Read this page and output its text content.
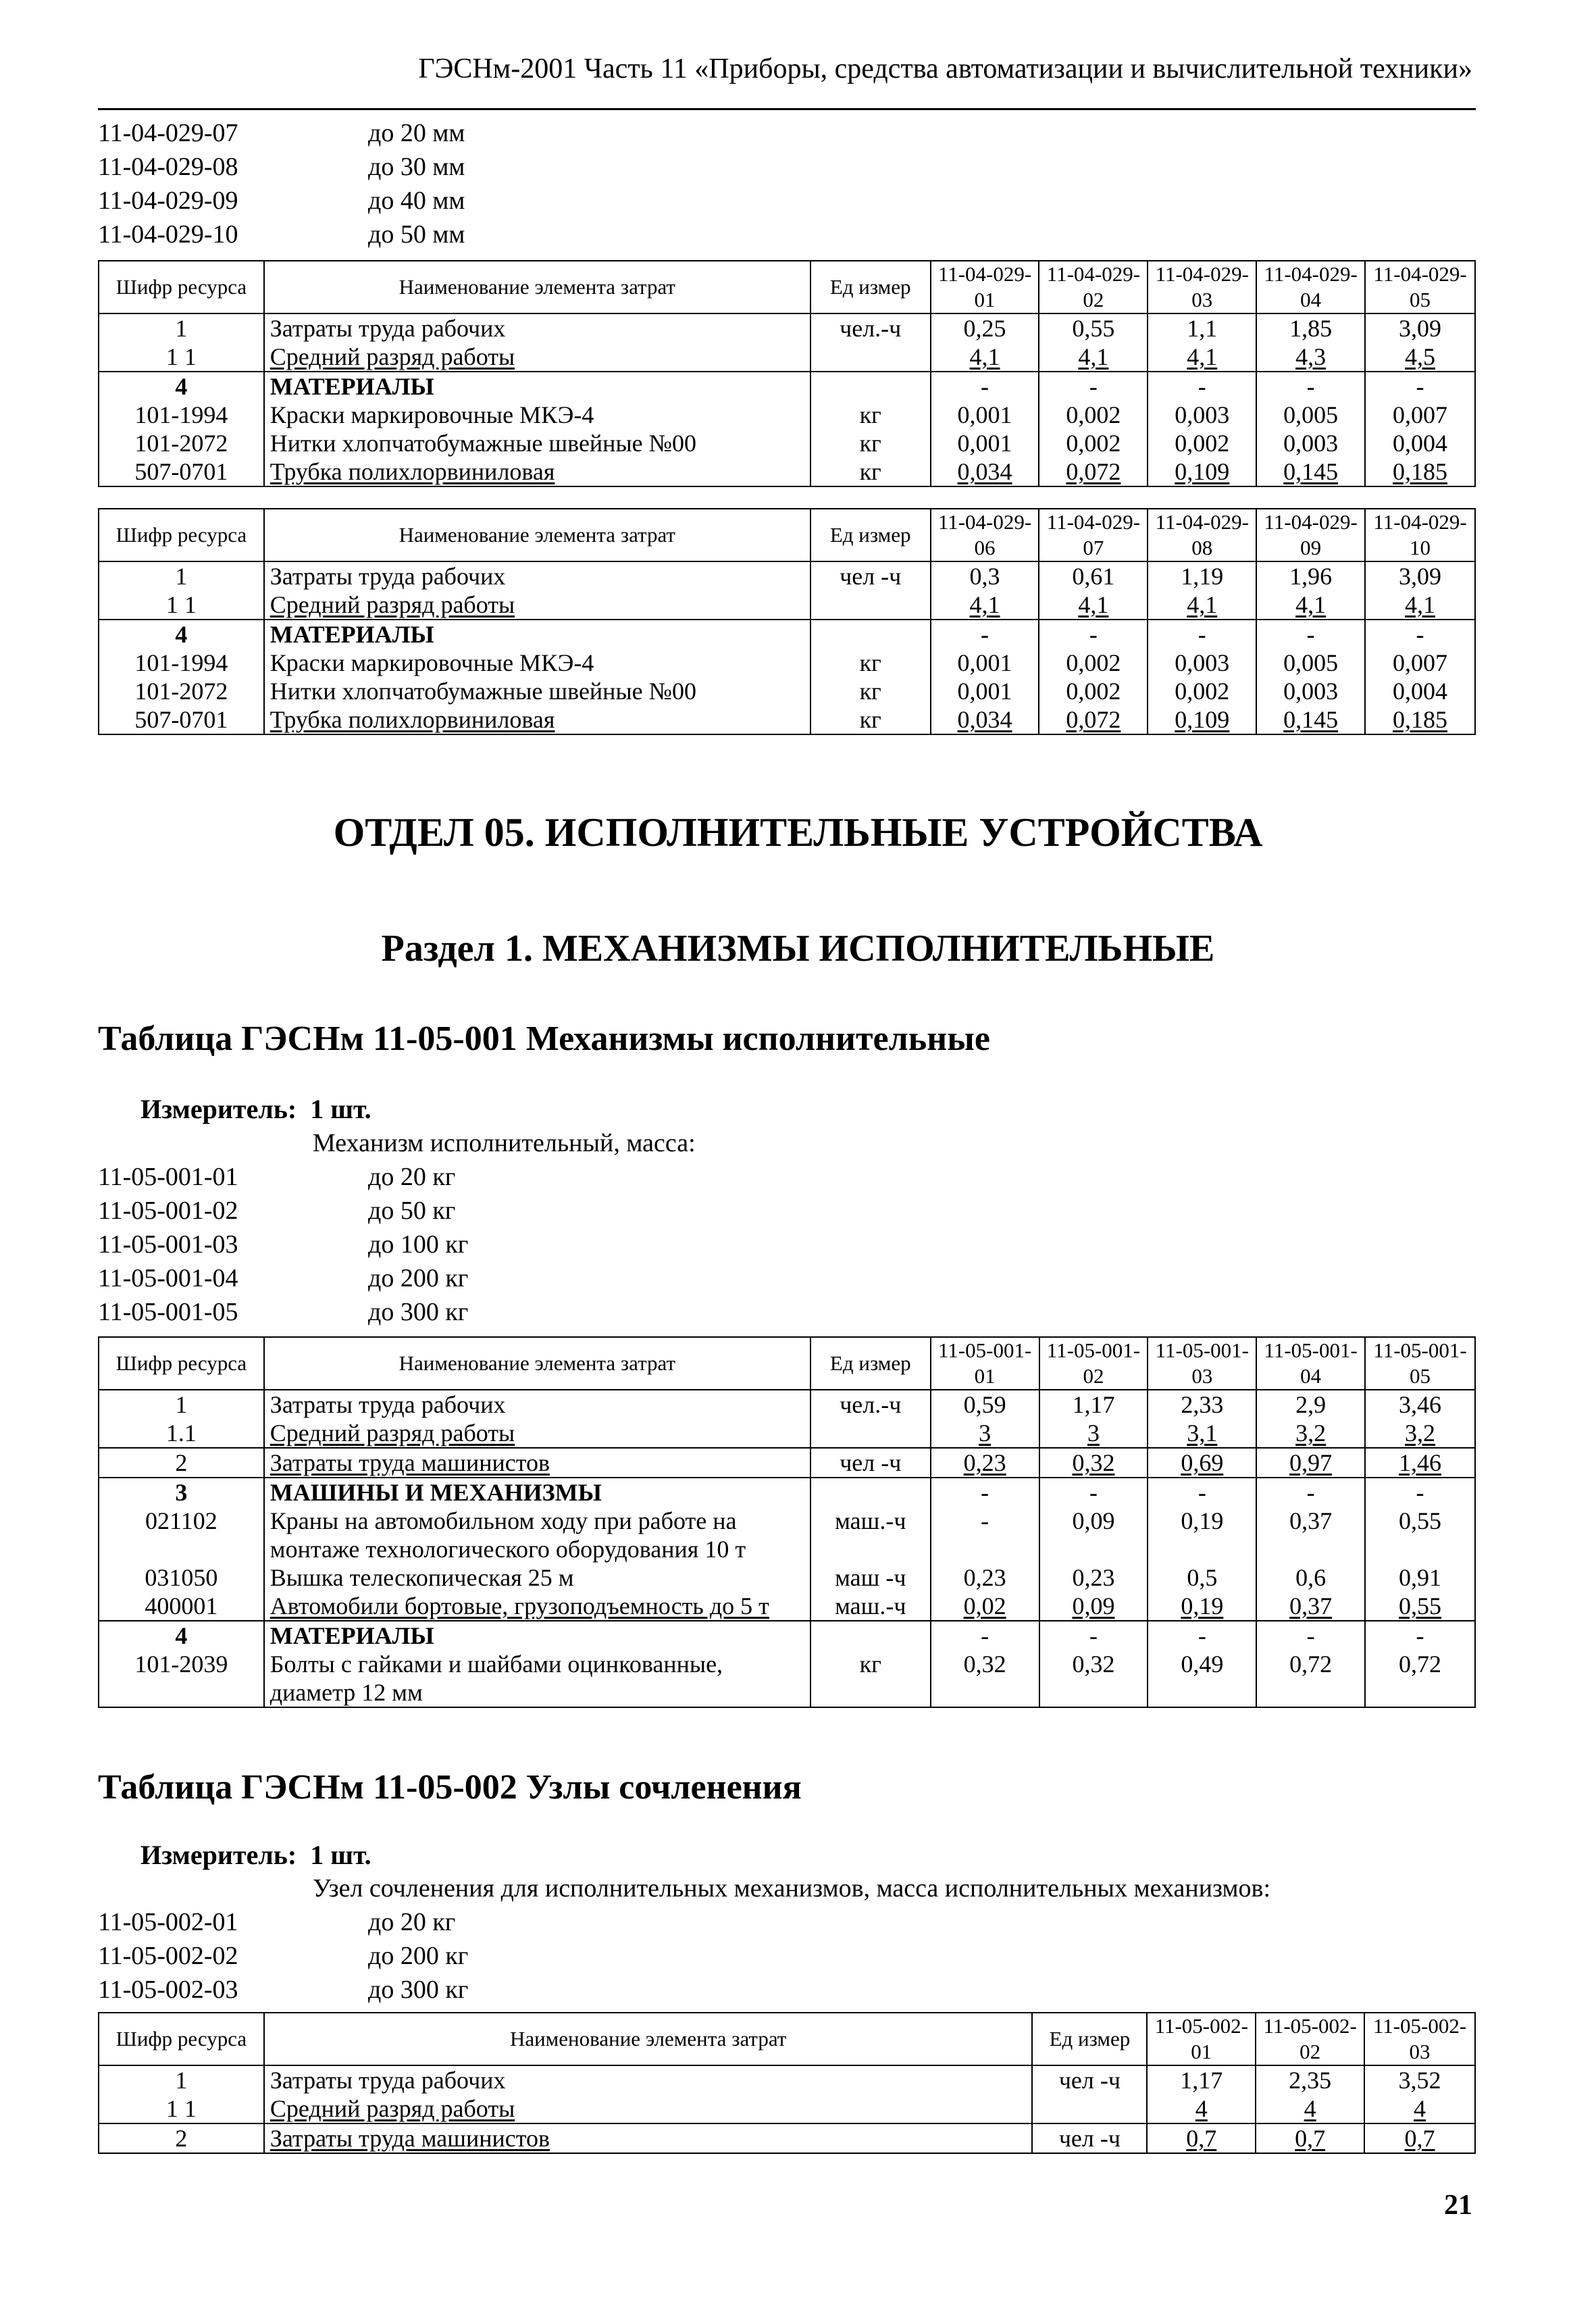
ГЭСНм-2001 Часть 11 «Приборы, средства автоматизации и вычислительной техники»
11-04-029-07	до 20 мм
11-04-029-08	до 30 мм
11-04-029-09	до 40 мм
11-04-029-10	до 50 мм
Шифр ресурса	Наименование элемента затрат	Ед измер	11-04-029-01	11-04-029-02	11-04-029-03	11-04-029-04	11-04-029-05
1	Затраты труда рабочих	чел.-ч	0,25	0,55	1,1	1,85	3,09
1 1	Средний разряд работы		4,1	4,1	4,1	4,3	4,5
4	МАТЕРИАЛЫ		-	-	-	-	-
101-1994	Краски маркировочные МКЭ-4	кг	0,001	0,002	0,003	0,005	0,007
101-2072	Нитки хлопчатобумажные швейные №00	кг	0,001	0,002	0,002	0,003	0,004
507-0701	Трубка полихлорвиниловая	кг	0,034	0,072	0,109	0,145	0,185
Шифр ресурса	Наименование элемента затрат	Ед измер	11-04-029-06	11-04-029-07	11-04-029-08	11-04-029-09	11-04-029-10
1	Затраты труда рабочих	чел -ч	0,3	0,61	1,19	1,96	3,09
1 1	Средний разряд работы		4,1	4,1	4,1	4,1	4,1
4	МАТЕРИАЛЫ		-	-	-	-	-
101-1994	Краски маркировочные МКЭ-4	кг	0,001	0,002	0,003	0,005	0,007
101-2072	Нитки хлопчатобумажные швейные №00	кг	0,001	0,002	0,002	0,003	0,004
507-0701	Трубка полихлорвиниловая	кг	0,034	0,072	0,109	0,145	0,185
ОТДЕЛ 05. ИСПОЛНИТЕЛЬНЫЕ УСТРОЙСТВА
Раздел 1. МЕХАНИЗМЫ ИСПОЛНИТЕЛЬНЫЕ
Таблица ГЭСНм 11-05-001 Механизмы исполнительные
Измеритель: 1 шт.
Механизм исполнительный, масса:
11-05-001-01	до 20 кг
11-05-001-02	до 50 кг
11-05-001-03	до 100 кг
11-05-001-04	до 200 кг
11-05-001-05	до 300 кг
Шифр ресурса	Наименование элемента затрат	Ед измер	11-05-001-01	11-05-001-02	11-05-001-03	11-05-001-04	11-05-001-05
1	Затраты труда рабочих	чел.-ч	0,59	1,17	2,33	2,9	3,46
1.1	Средний разряд работы		3	3	3,1	3,2	3,2
2	Затраты труда машинистов	чел -ч	0,23	0,32	0,69	0,97	1,46
3	МАШИНЫ И МЕХАНИЗМЫ		-	-	-	-	-
021102	Краны на автомобильном ходу при работе на монтаже технологического оборудования 10 т	маш.-ч	-	0,09	0,19	0,37	0,55
031050	Вышка телескопическая 25 м	маш -ч	0,23	0,23	0,5	0,6	0,91
400001	Автомобили бортовые, грузоподъемность до 5 т	маш.-ч	0,02	0,09	0,19	0,37	0,55
4	МАТЕРИАЛЫ		-	-	-	-	-
101-2039	Болты с гайками и шайбами оцинкованные, диаметр 12 мм	кг	0,32	0,32	0,49	0,72	0,72
Таблица ГЭСНм 11-05-002 Узлы сочленения
Измеритель: 1 шт.
Узел сочленения для исполнительных механизмов, масса исполнительных механизмов:
11-05-002-01	до 20 кг
11-05-002-02	до 200 кг
11-05-002-03	до 300 кг
Шифр ресурса	Наименование элемента затрат	Ед измер	11-05-002-01	11-05-002-02	11-05-002-03
1	Затраты труда рабочих	чел -ч	1,17	2,35	3,52
1 1	Средний разряд работы		4	4	4
2	Затраты труда машинистов	чел -ч	0,7	0,7	0,7
21
